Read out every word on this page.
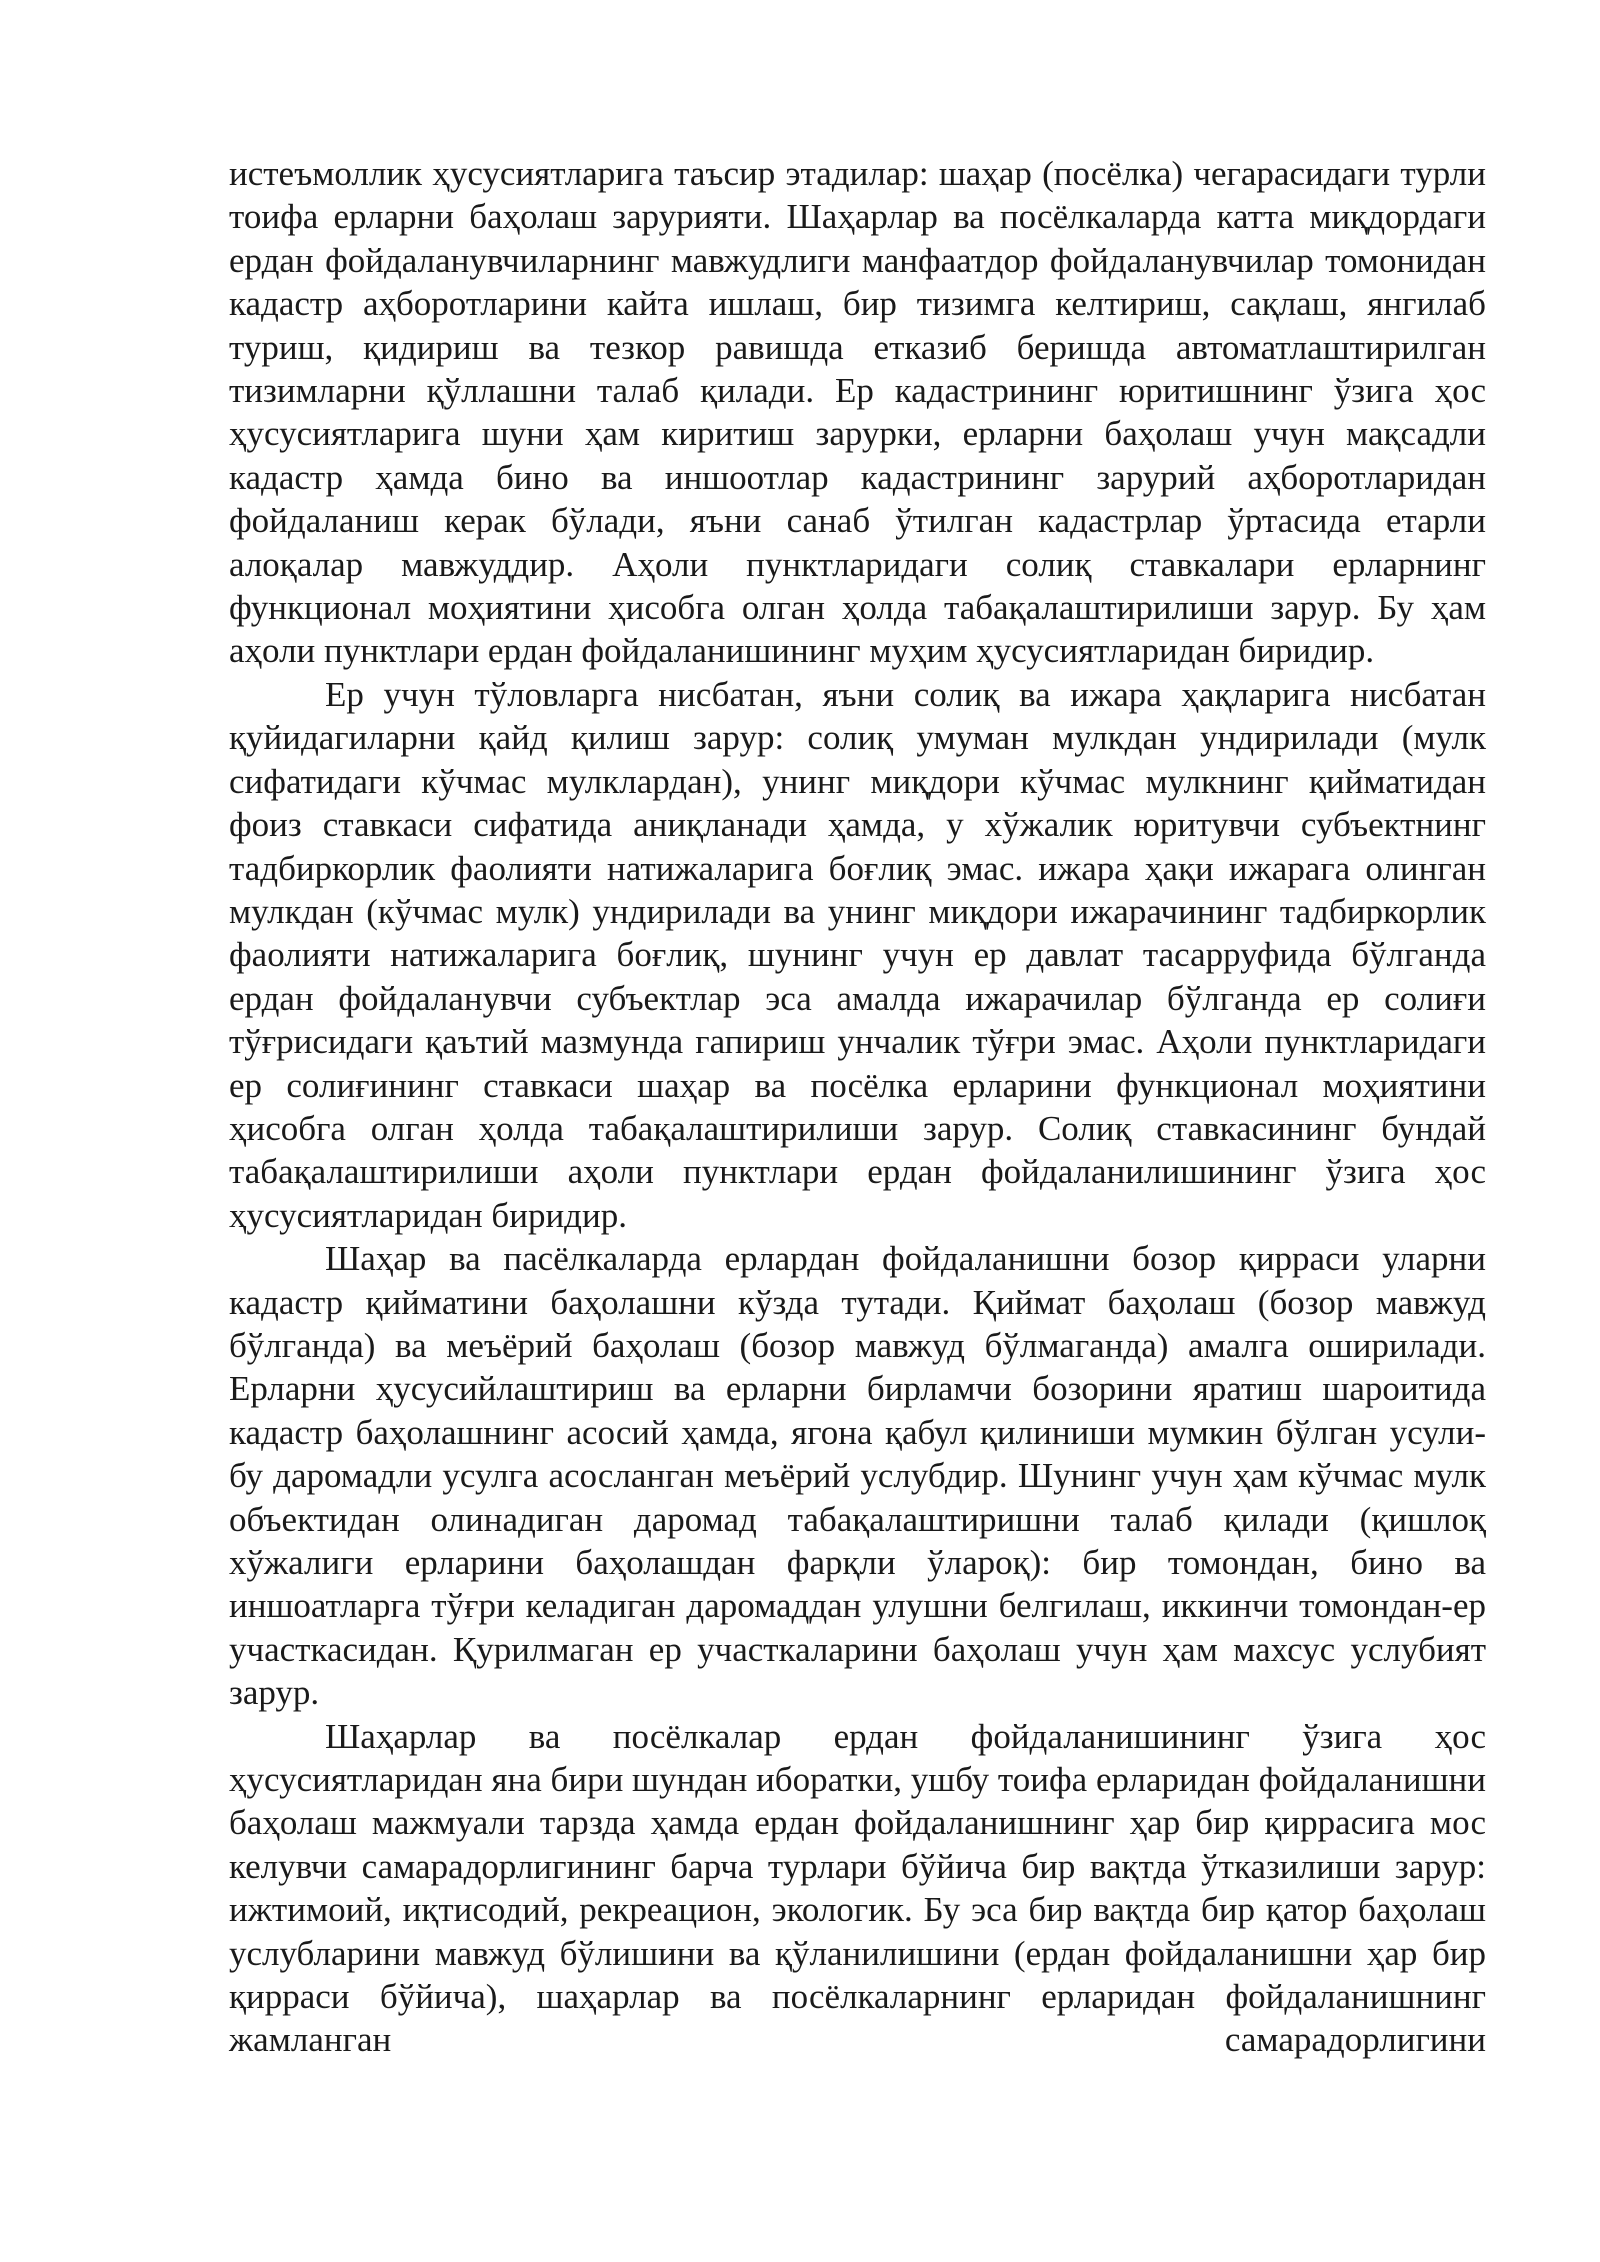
истеъмоллик ҳусусиятларига таъсир этадилар: шаҳар (посёлка) чегарасидаги турли тоифа ерларни баҳолаш зарурияти. Шаҳарлар ва посёлкаларда катта миқдордаги ердан фойдаланувчиларнинг мавжудлиги манфаатдор фойдаланувчилар томонидан кадастр аҳборотларини кайта ишлаш, бир тизимга келтириш, сақлаш, янгилаб туриш, қидириш ва тезкор равишда етказиб беришда автоматлаштирилган тизимларни қўллашни талаб қилади. Ер кадастрининг юритишнинг ўзига ҳос ҳусусиятларига шуни ҳам киритиш зарурки, ерларни баҳолаш учун мақсадли кадастр ҳамда бино ва иншоотлар кадастрининг зарурий аҳборотларидан фойдаланиш керак бўлади, яъни санаб ўтилган кадастрлар ўртасида етарли алоқалар мавжуддир. Аҳоли пунктларидаги солиқ ставкалари ерларнинг функционал моҳиятини ҳисобга олган ҳолда табақалаштирилиши зарур. Бу ҳам аҳоли пунктлари ердан фойдаланишининг муҳим ҳусусиятларидан биридир.

Ер учун тўловларга нисбатан, яъни солиқ ва ижара ҳақларига нисбатан қуйидагиларни қайд қилиш зарур: солиқ умуман мулкдан ундирилади (мулк сифатидаги кўчмас мулклардан), унинг миқдори кўчмас мулкнинг қийматидан фоиз ставкаси сифатида аниқланади ҳамда, у хўжалик юритувчи субъектнинг тадбиркорлик фаолияти натижаларига боғлиқ эмас. ижара ҳақи ижарага олинган мулкдан (кўчмас мулк) ундирилади ва унинг миқдори ижарачининг тадбиркорлик фаолияти натижаларига боғлиқ, шунинг учун ер давлат тасарруфида бўлганда ердан фойдаланувчи субъектлар эса амалда ижарачилар бўлганда ер солиғи тўғрисидаги қаътий мазмунда гапириш унчалик тўғри эмас. Аҳоли пунктларидаги ер солиғининг ставкаси шаҳар ва посёлка ерларини функционал моҳиятини ҳисобга олган ҳолда табақалаштирилиши зарур. Солиқ ставкасининг бундай табақалаштирилиши аҳоли пунктлари ердан фойдаланилишининг ўзига ҳос ҳусусиятларидан биридир.

Шаҳар ва пасёлкаларда ерлардан фойдаланишни бозор қирраси уларни кадастр қийматини баҳолашни кўзда тутади. Қиймат баҳолаш (бозор мавжуд бўлганда) ва меъёрий баҳолаш (бозор мавжуд бўлмаганда) амалга оширилади. Ерларни ҳусусийлаштириш ва ерларни бирламчи бозорини яратиш шароитида кадастр баҳолашнинг асосий ҳамда, ягона қабул қилиниши мумкин бўлган усули-бу даромадли усулга асосланган меъёрий услубдир. Шунинг учун ҳам кўчмас мулк объектидан олинадиган даромад табақалаштиришни талаб қилади (қишлоқ хўжалиги ерларини баҳолашдан фарқли ўлароқ): бир томондан, бино ва иншоатларга тўғри келадиган даромаддан улушни белгилаш, иккинчи томондан-ер участкасидан. Қурилмаган ер участкаларини баҳолаш учун ҳам махсус услубият зарур.

Шаҳарлар ва посёлкалар ердан фойдаланишининг ўзига ҳос ҳусусиятларидан яна бири шундан иборатки, ушбу тоифа ерларидан фойдаланишни баҳолаш мажмуали тарзда ҳамда ердан фойдаланишнинг ҳар бир қиррасига мос келувчи самарадорлигининг барча турлари бўйича бир вақтда ўтказилиши зарур: ижтимоий, иқтисодий, рекреацион, экологик. Бу эса бир вақтда бир қатор баҳолаш услубларини мавжуд бўлишини ва қўланилишини (ердан фойдаланишни ҳар бир қирраси бўйича), шаҳарлар ва посёлкаларнинг ерларидан фойдаланишнинг жамланган самарадорлигини
